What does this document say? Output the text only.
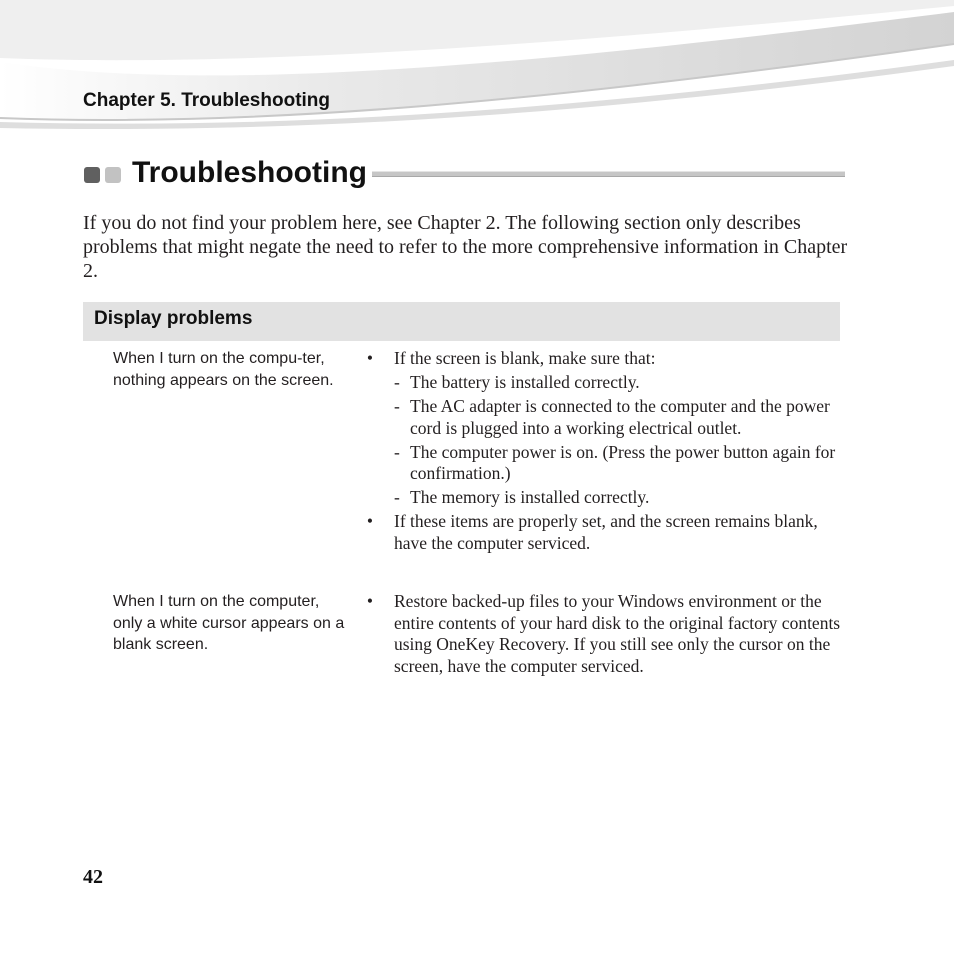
Chapter 5. Troubleshooting
Troubleshooting

If you do not find your problem here, see Chapter 2. The following section only describes problems that might negate the need to refer to the more comprehensive information in Chapter 2.

Display problems
When I turn on the compu-ter, nothing appears on the screen.
• If the screen is blank, make sure that:
- The battery is installed correctly.
- The AC adapter is connected to the computer and the power cord is plugged into a working electrical outlet.
- The computer power is on. (Press the power button again for confirmation.)
- The memory is installed correctly.
• If these items are properly set, and the screen remains blank, have the computer serviced.
When I turn on the computer, only a white cursor appears on a blank screen.
• Restore backed-up files to your Windows environment or the entire contents of your hard disk to the original factory contents using OneKey Recovery. If you still see only the cursor on the screen, have the computer serviced.
42
